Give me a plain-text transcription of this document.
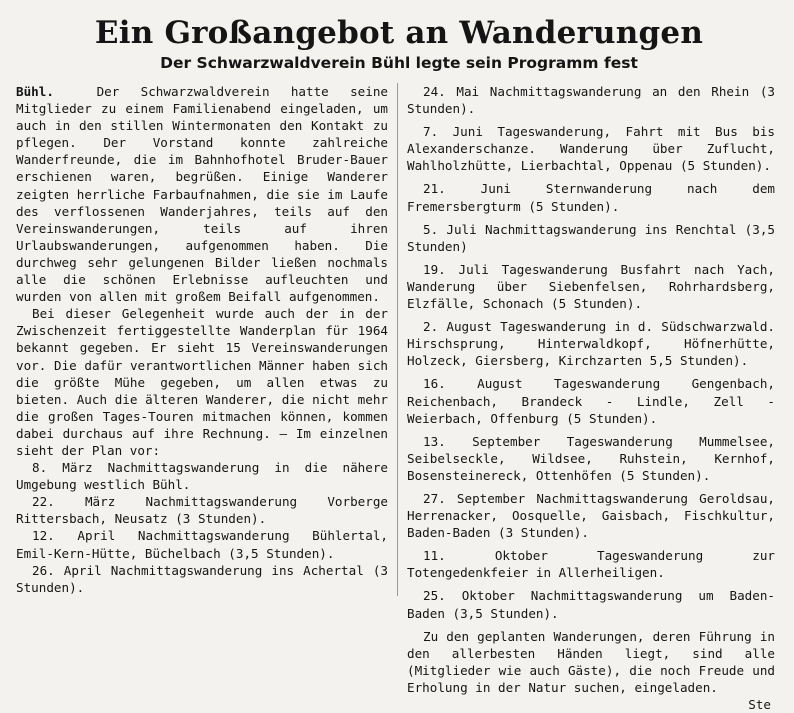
Ein Großangebot an Wanderungen
Der Schwarzwaldverein Bühl legte sein Programm fest

Bühl.	Der Schwarzwaldverein hatte seine Mitglieder zu einem Familienabend eingeladen, um auch in den stillen Wintermonaten den Kontakt zu pflegen. Der Vorstand konnte zahlreiche Wanderfreunde, die im Bahnhofhotel Bruder-Bauer erschienen waren, begrüßen. Einige Wanderer zeigten herrliche Farbaufnahmen, die sie im Laufe des verflossenen Wanderjahres, teils auf den Vereinswanderungen, teils auf ihren Urlaubswanderungen, aufgenommen haben. Die durchweg sehr gelungenen Bilder ließen nochmals alle die schönen Erlebnisse aufleuchten und wurden von allen mit großem Beifall aufgenommen.

Bei dieser Gelegenheit wurde auch der in der Zwischenzeit fertiggestellte Wanderplan für 1964 bekannt gegeben. Er sieht 15 Vereinswanderungen vor. Die dafür verantwortlichen Männer haben sich die größte Mühe gegeben, um allen etwas zu bieten. Auch die älteren Wanderer, die nicht mehr die großen Tages-Touren mitmachen können, kommen dabei durchaus auf ihre Rechnung. — Im einzelnen sieht der Plan vor:

8. März Nachmittagswanderung in die nähere Umgebung westlich Bühl.

22. März Nachmittagswanderung Vorberge Rittersbach, Neusatz (3 Stunden).

12. April Nachmittagswanderung Bühlertal, Emil-Kern-Hütte, Büchelbach (3,5 Stunden).

26. April Nachmittagswanderung ins Achertal (3 Stunden).

24. Mai Nachmittagswanderung an den Rhein (3 Stunden).

7. Juni Tageswanderung, Fahrt mit Bus bis Alexanderschanze. Wanderung über Zuflucht, Wahlholzhütte, Lierbachtal, Oppenau (5 Stunden).

21. Juni Sternwanderung nach dem Fremersbergturm (5 Stunden).

5. Juli Nachmittagswanderung ins Renchtal (3,5 Stunden)

19. Juli Tageswanderung Busfahrt nach Yach, Wanderung über Siebenfelsen, Rohrhardsberg, Elzfälle, Schonach (5 Stunden).

2. August Tageswanderung in d. Südschwarzwald. Hirschsprung, Hinterwaldkopf, Höfnerhütte, Holzeck, Giersberg, Kirchzarten 5,5 Stunden).

16. August Tageswanderung Gengenbach, Reichenbach, Brandeck - Lindle, Zell - Weierbach, Offenburg (5 Stunden).

13. September Tageswanderung Mummelsee, Seibelseckle, Wildsee, Ruhstein, Kernhof, Bosensteinereck, Ottenhöfen (5 Stunden).

27. September Nachmittagswanderung Geroldsau, Herrenacker, Oosquelle, Gaisbach, Fischkultur, Baden-Baden (3 Stunden).

11. Oktober Tageswanderung zur Totengedenkfeier in Allerheiligen.

25. Oktober Nachmittagswanderung um Baden-Baden (3,5 Stunden).

Zu den geplanten Wanderungen, deren Führung in den allerbesten Händen liegt, sind alle (Mitglieder wie auch Gäste), die noch Freude und Erholung in der Natur suchen, eingeladen.

Ste
